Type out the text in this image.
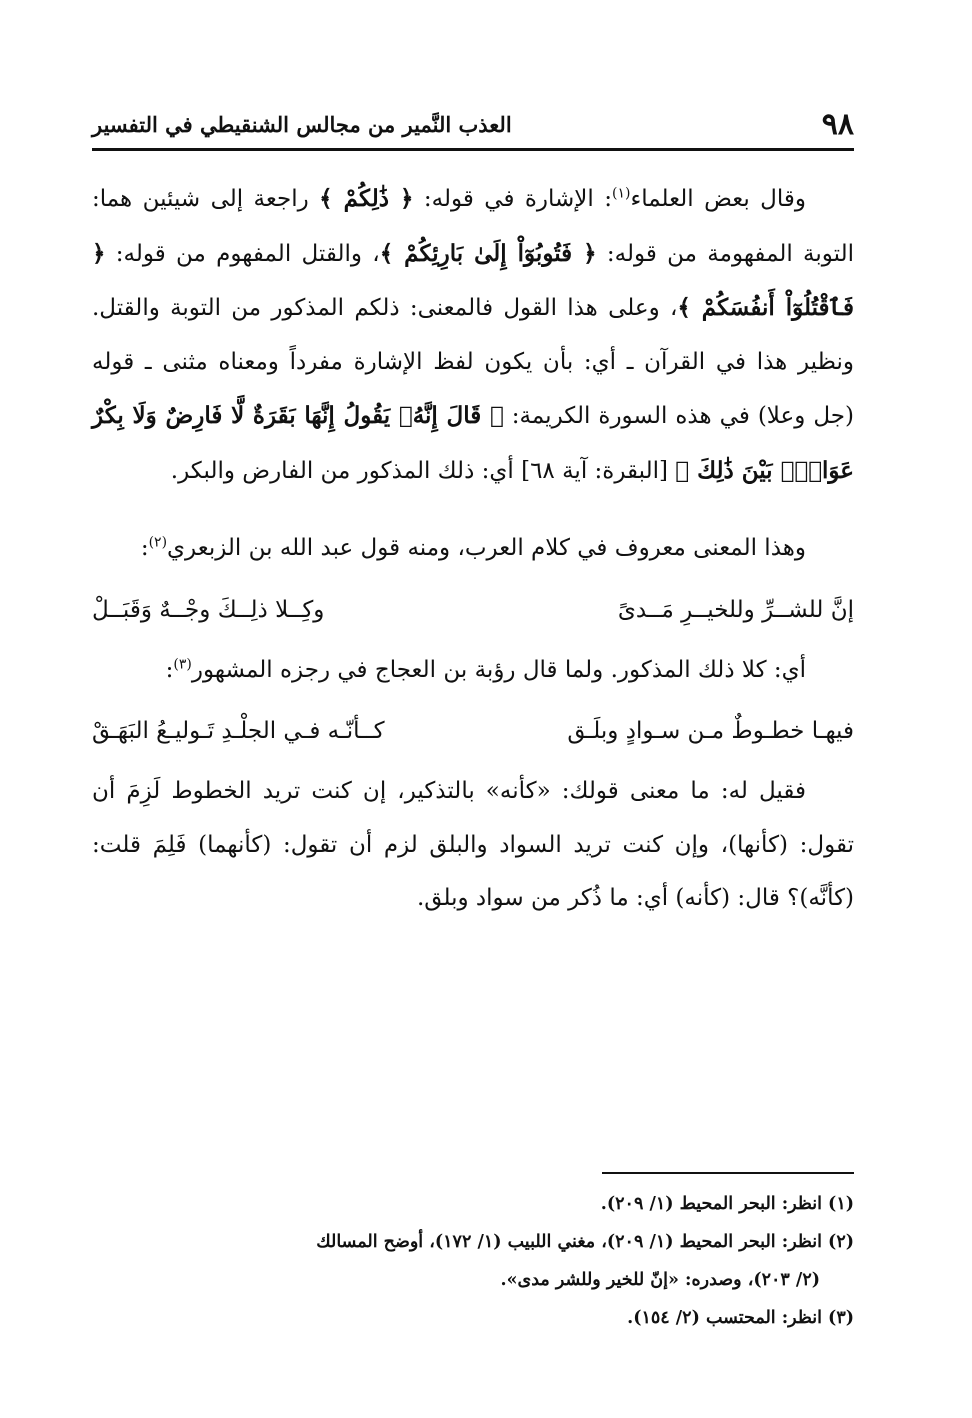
٩٨
العذب النَّمير من مجالس الشنقيطي في التفسير

وقال بعض العلماء$^{(١)}$: الإشارة في قوله: ﴿ ذَٰلِكُمْ ﴾ راجعة إلى شيئين هما: التوبة المفهومة من قوله: ﴿ فَتُوبُوٓاْ إِلَىٰ بَارِئِكُمْ ﴾، والقتل المفهوم من قوله: ﴿ فَٱقْتُلُوٓاْ أَنفُسَكُمْ ﴾، وعلى هذا القول فالمعنى: ذلكم المذكور من التوبة والقتل. ونظير هذا في القرآن ـ أي: بأن يكون لفظ الإشارة مفرداً ومعناه مثنى ـ قوله (جل وعلا) في هذه السورة الكريمة: ﴿ قَالَ إِنَّهُۥ يَقُولُ إِنَّهَا بَقَرَةٌ لَّا فَارِضٌ وَلَا بِكْرٌ عَوَانٌۢ بَيْنَ ذَٰلِكَ ﴾ [البقرة: آية ٦٨] أي: ذلك المذكور من الفارض والبكر.

وهذا المعنى معروف في كلام العرب، ومنه قول عبد الله بن الزبعري$^{(٢)}$:

إنَّ للشــرِّ وللخيــرِ مَــدىً
وكِــلا ذلِــكَ وجْــهٌ وَقَبَــلْ

أي: كلا ذلك المذكور. ولما قال رؤبة بن العجاج في رجزه المشهور$^{(٣)}$:

فيهـا خطـوطٌ مـن سـوادٍ وبلَـق
كــأنّـه فـي الجلْـدِ تَـوليـعُ البَهَـقْ

فقيل له: ما معنى قولك: «كأنه» بالتذكير، إن كنت تريد الخطوط لَزِمَ أن تقول: (كأنها)، وإن كنت تريد السواد والبلق لزم أن تقول: (كأنهما) فَلِمَ قلت: (كأنَّه)؟ قال: (كأنه) أي: ما ذُكر من سواد وبلق.

(١) انظر: البحر المحيط (١/ ٢٠٩).

(٢) انظر: البحر المحيط (١/ ٢٠٩)، مغني اللبيب (١/ ١٧٢)، أوضح المسالك

(٢/ ٢٠٣)، وصدره: «إنّ للخير وللشر مدى».

(٣) انظر: المحتسب (٢/ ١٥٤).
